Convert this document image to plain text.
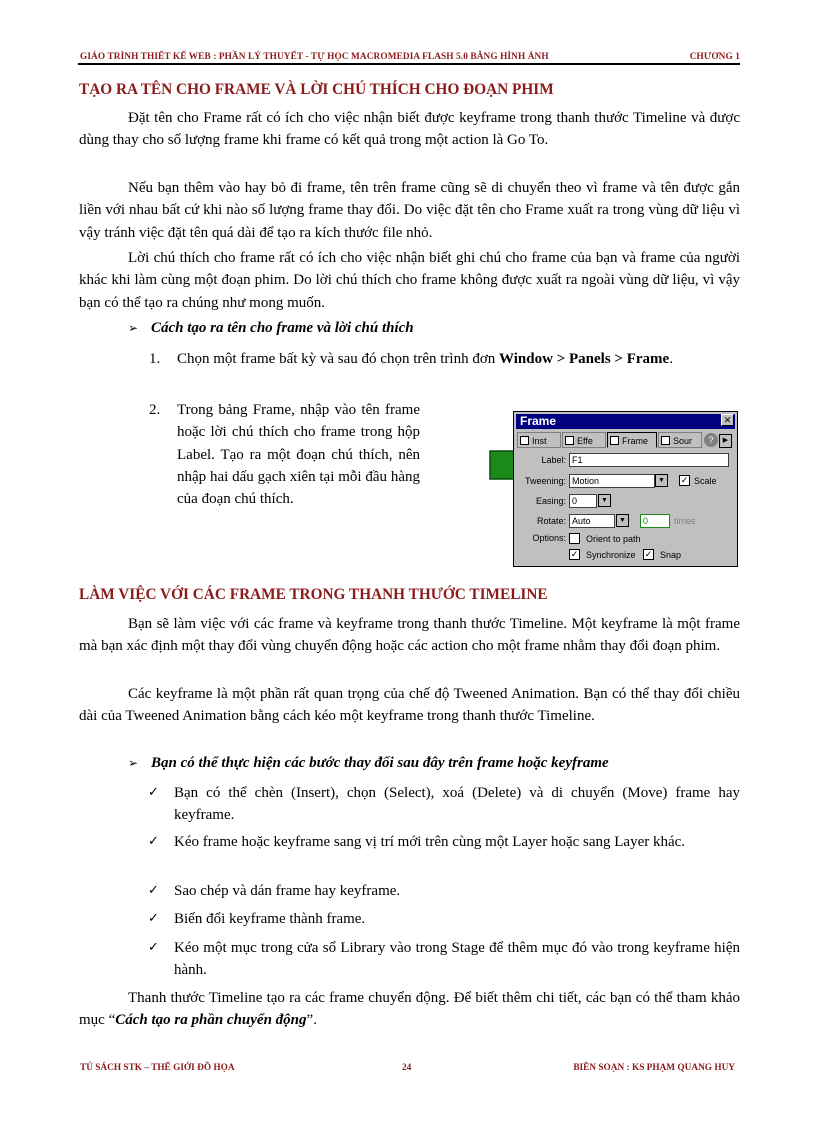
GIÁO TRÌNH THIẾT KẾ WEB : PHẦN LÝ THUYẾT - TỰ HỌC MACROMEDIA FLASH 5.0 BẰNG HÌNH ẢNH	CHƯƠNG 1
TẠO RA TÊN CHO FRAME VÀ LỜI CHÚ THÍCH CHO ĐOẠN PHIM

Đặt tên cho Frame rất có ích cho việc nhận biết được keyframe trong thanh thước Timeline và được dùng thay cho số lượng frame khi frame có kết quả trong một action là Go To.

Nếu bạn thêm vào hay bỏ đi frame, tên trên frame cũng sẽ di chuyển theo vì frame và tên được gắn liền với nhau bất cứ khi nào số lượng frame thay đổi. Do việc đặt tên cho Frame xuất ra trong vùng dữ liệu vì vậy tránh việc đặt tên quá dài để tạo ra kích thước file nhỏ.

Lời chú thích cho frame rất có ích cho việc nhận biết ghi chú cho frame của bạn và frame của người khác khi làm cùng một đoạn phim. Do lời chú thích cho frame không được xuất ra ngoài vùng dữ liệu, vì vậy bạn có thể tạo ra chúng như mong muốn.

➢ Cách tạo ra tên cho frame và lời chú thích
1. Chọn một frame bất kỳ và sau đó chọn trên trình đơn Window > Panels > Frame.
2. Trong bảng Frame, nhập vào tên frame hoặc lời chú thích cho frame trong hộp Label. Tạo ra một đoạn chú thích, nên nhập hai dấu gạch xiên tại mỗi đầu hàng của đoạn chú thích.
Frame	✕
Inst	Effe	Frame	Sour	?	▶
Label: F1
Tweening: Motion	▼	✓ Scale
Easing: 0	▼
Rotate: Auto	▼	0	times
Options: Orient to path
✓ Synchronize ✓ Snap
LÀM VIỆC VỚI CÁC FRAME TRONG THANH THƯỚC TIMELINE

Bạn sẽ làm việc với các frame và keyframe trong thanh thước Timeline. Một keyframe là một frame mà bạn xác định một thay đổi vùng chuyển động hoặc các action cho một frame nhằm thay đổi đoạn phim.

Các keyframe là một phần rất quan trọng của chế độ Tweened Animation. Bạn có thể thay đổi chiều dài của Tweened Animation bằng cách kéo một keyframe trong thanh thước Timeline.

➢ Bạn có thể thực hiện các bước thay đổi sau đây trên frame hoặc keyframe
✓ Bạn có thể chèn (Insert), chọn (Select), xoá (Delete) và di chuyển (Move) frame hay keyframe.
✓ Kéo frame hoặc keyframe sang vị trí mới trên cùng một Layer hoặc sang Layer khác.
✓ Sao chép và dán frame hay keyframe.
✓ Biến đổi keyframe thành frame.
✓ Kéo một mục trong cửa sổ Library vào trong Stage để thêm mục đó vào trong keyframe hiện hành.

Thanh thước Timeline tạo ra các frame chuyển động. Để biết thêm chi tiết, các bạn có thể tham khảo mục “Cách tạo ra phần chuyển động”.

TỦ SÁCH STK – THẾ GIỚI ĐỒ HỌA	24	BIÊN SOẠN : KS PHẠM QUANG HUY
